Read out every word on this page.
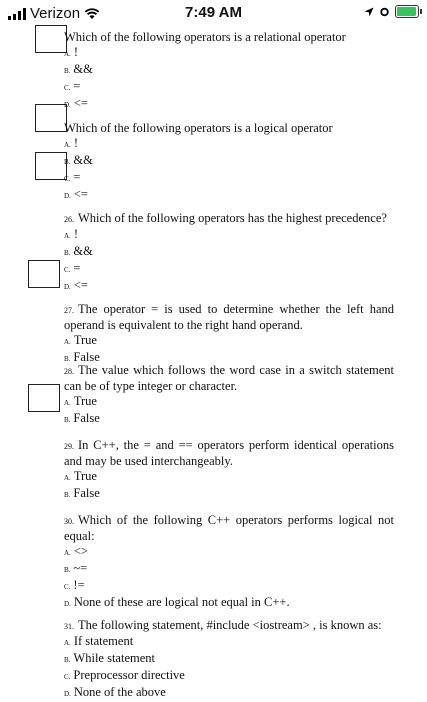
Verizon	7:49 AM
Which of the following operators is a relational operator
A. !
B. &&
C. =
D. <=
Which of the following operators is a logical operator
A. !
B. &&
C. =
D. <=
26. Which of the following operators has the highest precedence?
A. !
B. &&
C. =
D. <=
27. The operator = is used to determine whether the left hand operand is equivalent to the right hand operand.
A. True
B. False
28. The value which follows the word case in a switch statement can be of type integer or character.
A. True
B. False
29. In C++, the = and == operators perform identical operations and may be used interchangeably.
A. True
B. False
30. Which of the following C++ operators performs logical not equal:
A. <>
B. ~=
C. !=
D. None of these are logical not equal in C++.
31. The following statement, #include <iostream> , is known as:
A. If statement
B. While statement
C. Preprocessor directive
D. None of the above
